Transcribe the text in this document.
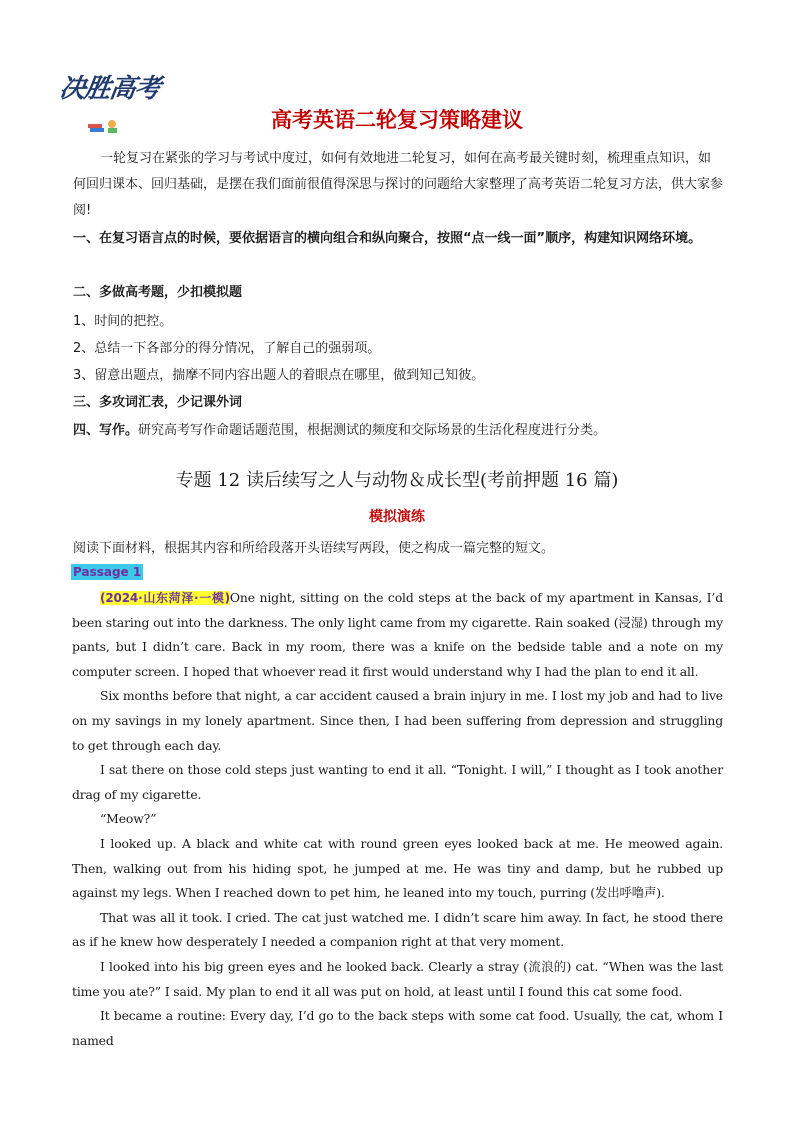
决胜高考
高考英语二轮复习策略建议
一轮复习在紧张的学习与考试中度过，如何有效地进二轮复习，如何在高考最关键时刻，梳理重点知识，如何回归课本、回归基础，是摆在我们面前很值得深思与探讨的问题给大家整理了高考英语二轮复习方法，供大家参阅!
一、在复习语言点的时候，要依据语言的横向组合和纵向聚合，按照“点一线一面”顺序，构建知识网络环境。
二、多做高考题，少扣模拟题
1、时间的把控。
2、总结一下各部分的得分情况，了解自己的强弱项。
3、留意出题点，揣摩不同内容出题人的着眼点在哪里，做到知己知彼。
三、多攻词汇表，少记课外词
四、写作。研究高考写作命题话题范围，根据测试的频度和交际场景的生活化程度进行分类。
专题 12 读后续写之人与动物＆成长型(考前押题 16 篇)
模拟演练
阅读下面材料，根据其内容和所给段落开头语续写两段，使之构成一篇完整的短文。
Passage 1

(2024·山东菏泽·一模)One night, sitting on the cold steps at the back of my apartment in Kansas, I’d been staring out into the darkness. The only light came from my cigarette. Rain soaked (浸湿) through my pants, but I didn’t care. Back in my room, there was a knife on the bedside table and a note on my computer screen. I hoped that whoever read it first would understand why I had the plan to end it all.

Six months before that night, a car accident caused a brain injury in me. I lost my job and had to live on my savings in my lonely apartment. Since then, I had been suffering from depression and struggling to get through each day.

I sat there on those cold steps just wanting to end it all. “Tonight. I will,” I thought as I took another drag of my cigarette.

“Meow?”

I looked up. A black and white cat with round green eyes looked back at me. He meowed again. Then, walking out from his hiding spot, he jumped at me. He was tiny and damp, but he rubbed up against my legs. When I reached down to pet him, he leaned into my touch, purring (发出呼噜声).

That was all it took. I cried. The cat just watched me. I didn’t scare him away. In fact, he stood there as if he knew how desperately I needed a companion right at that very moment.

I looked into his big green eyes and he looked back. Clearly a stray (流浪的) cat. “When was the last time you ate?” I said. My plan to end it all was put on hold, at least until I found this cat some food.

It became a routine: Every day, I’d go to the back steps with some cat food. Usually, the cat, whom I named
